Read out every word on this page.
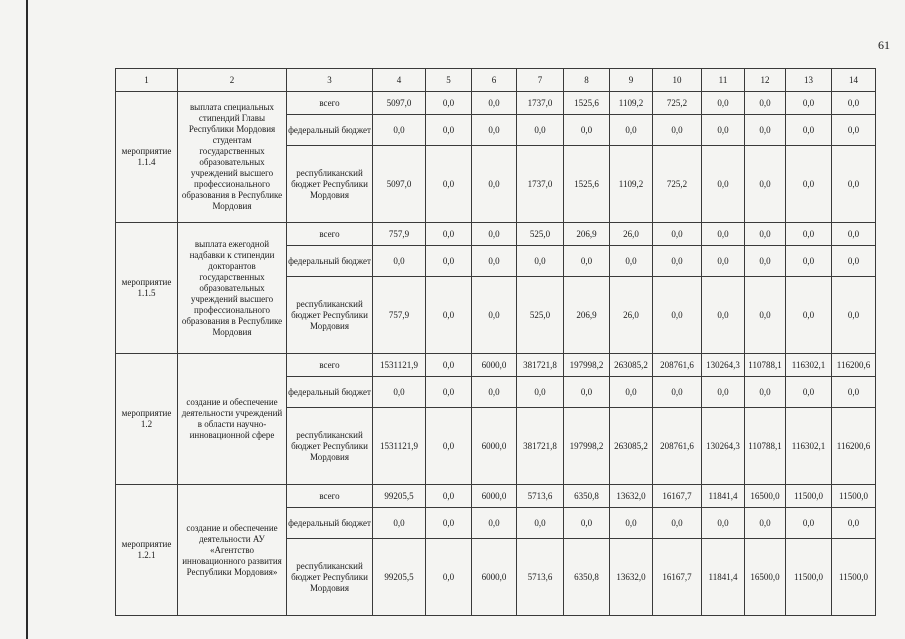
61
1	2	3	4	5	6	7	8	9	10	11	12	13	14
мероприятие 1.1.4	выплата специальных стипендий Главы Республики Мордовия студентам государственных образовательных учреждений высшего профессионального образования в Республике Мордовия	всего	5097,0	0,0	0,0	1737,0	1525,6	1109,2	725,2	0,0	0,0	0,0	0,0
		федеральный бюджет	0,0	0,0	0,0	0,0	0,0	0,0	0,0	0,0	0,0	0,0	0,0
		республиканский бюджет Республики Мордовия	5097,0	0,0	0,0	1737,0	1525,6	1109,2	725,2	0,0	0,0	0,0	0,0
мероприятие 1.1.5	выплата ежегодной надбавки к стипендии докторантов государственных образовательных учреждений высшего профессионального образования в Республике Мордовия	всего	757,9	0,0	0,0	525,0	206,9	26,0	0,0	0,0	0,0	0,0	0,0
		федеральный бюджет	0,0	0,0	0,0	0,0	0,0	0,0	0,0	0,0	0,0	0,0	0,0
		республиканский бюджет Республики Мордовия	757,9	0,0	0,0	525,0	206,9	26,0	0,0	0,0	0,0	0,0	0,0
мероприятие 1.2	создание и обеспечение деятельности учреждений в области научно-инновационной сфере	всего	1531121,9	0,0	6000,0	381721,8	197998,2	263085,2	208761,6	130264,3	110788,1	116302,1	116200,6
		федеральный бюджет	0,0	0,0	0,0	0,0	0,0	0,0	0,0	0,0	0,0	0,0	0,0
		республиканский бюджет Республики Мордовия	1531121,9	0,0	6000,0	381721,8	197998,2	263085,2	208761,6	130264,3	110788,1	116302,1	116200,6
мероприятие 1.2.1	создание и обеспечение деятельности АУ «Агентство инновационного развития Республики Мордовия»	всего	99205,5	0,0	6000,0	5713,6	6350,8	13632,0	16167,7	11841,4	16500,0	11500,0	11500,0
		федеральный бюджет	0,0	0,0	0,0	0,0	0,0	0,0	0,0	0,0	0,0	0,0	0,0
		республиканский бюджет Республики Мордовия	99205,5	0,0	6000,0	5713,6	6350,8	13632,0	16167,7	11841,4	16500,0	11500,0	11500,0
